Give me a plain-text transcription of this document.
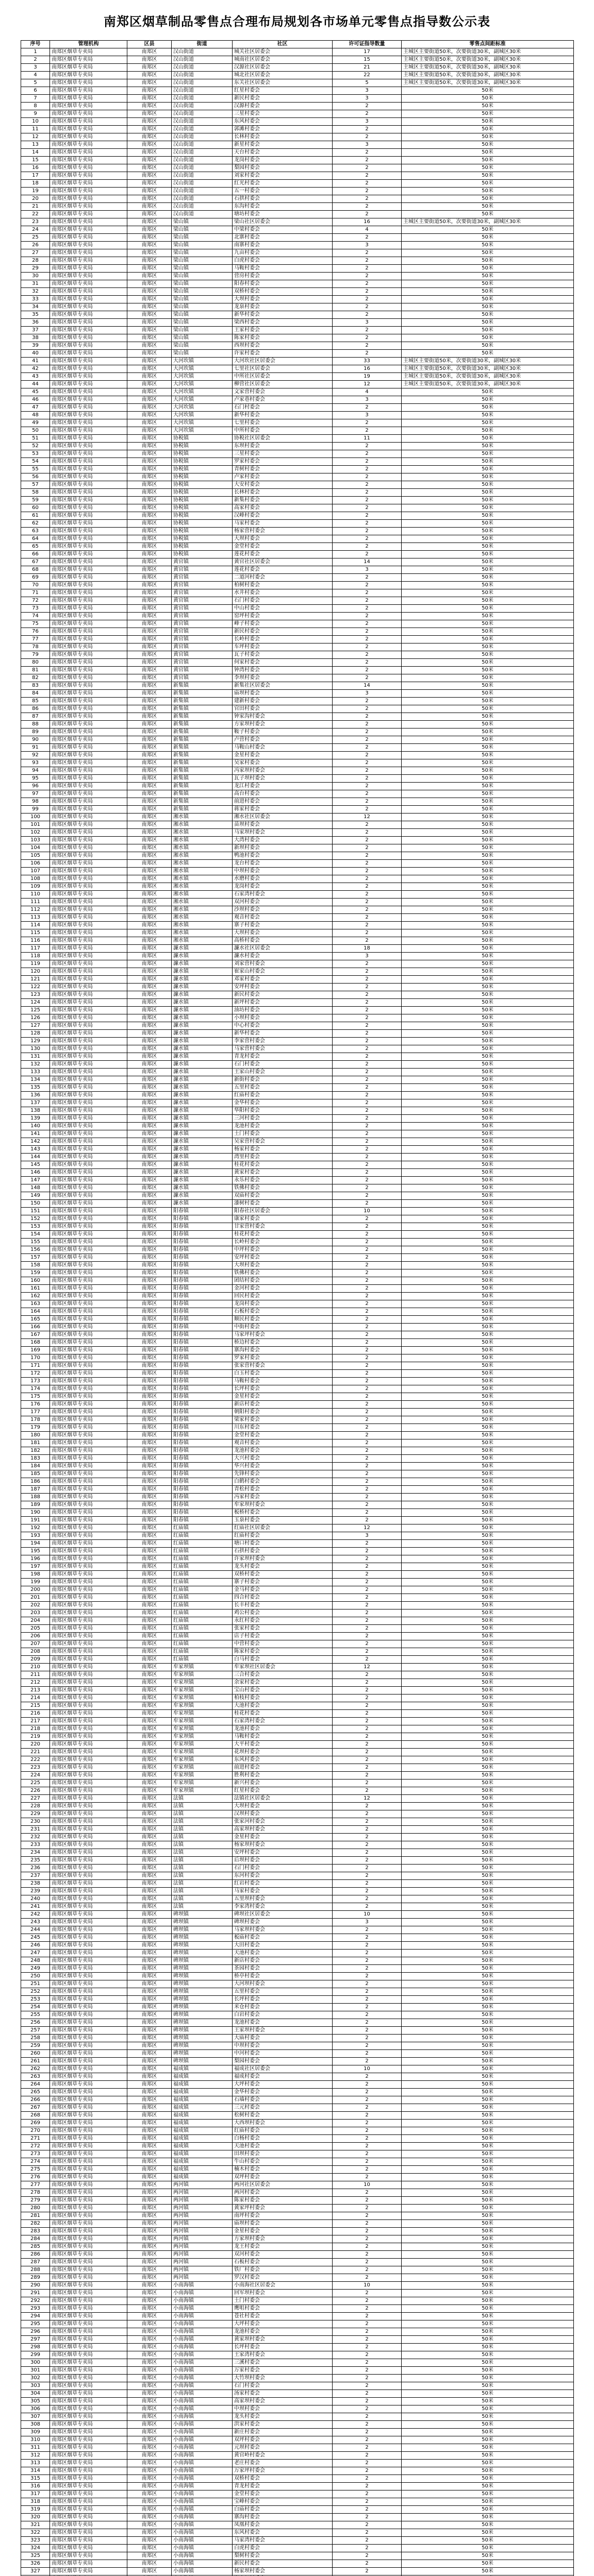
南郑区烟草制品零售点合理布局规划各市场单元零售点指导数公示表
序号	管理机构	区县	街道	社区	许可证指导数量	零售点间距标准
1	南郑区烟草专卖局	南郑区	汉山街道	城关社区居委会	17	主城区主要街道50米，次要街道30米，副城区30米
2	南郑区烟草专卖局	南郑区	汉山街道	城南社区居委会	15	主城区主要街道50米，次要街道30米，副城区30米
3	南郑区烟草专卖局	南郑区	汉山街道	汉源社区居委会	21	主城区主要街道50米，次要街道30米，副城区30米
4	南郑区烟草专卖局	南郑区	汉山街道	城北社区居委会	22	主城区主要街道50米，次要街道30米，副城区30米
5	南郑区烟草专卖局	南郑区	汉山街道	东关社区居委会	5	主城区主要街道50米，次要街道30米，副城区30米
6	南郑区烟草专卖局	南郑区	汉山街道	红星村委会	3	50米
7	南郑区烟草专卖局	南郑区	汉山街道	新民村委会	3	50米
8	南郑区烟草专卖局	南郑区	汉山街道	汉源村委会	2	50米
9	南郑区烟草专卖局	南郑区	汉山街道	三星村委会	2	50米
10	南郑区烟草专卖局	南郑区	汉山街道	东风村委会	3	50米
11	南郑区烟草专卖局	南郑区	汉山街道	郭滩村委会	2	50米
12	南郑区烟草专卖局	南郑区	汉山街道	长林村委会	2	50米
13	南郑区烟草专卖局	南郑区	汉山街道	新星村委会	3	50米
14	南郑区烟草专卖局	南郑区	汉山街道	天台村委会	2	50米
15	南郑区烟草专卖局	南郑区	汉山街道	龙岗村委会	2	50米
16	南郑区烟草专卖局	南郑区	汉山街道	梨园村委会	2	50米
17	南郑区烟草专卖局	南郑区	汉山街道	刘家村委会	2	50米
18	南郑区烟草专卖局	南郑区	汉山街道	红光村委会	2	50米
19	南郑区烟草专卖局	南郑区	汉山街道	五一村委会	2	50米
20	南郑区烟草专卖局	南郑区	汉山街道	石拱村委会	2	50米
21	南郑区烟草专卖局	南郑区	汉山街道	东沟村委会	2	50米
22	南郑区烟草专卖局	南郑区	汉山街道	塘坊村委会	2	50米
23	南郑区烟草专卖局	南郑区	梁山镇	梁山社区居委会	16	主城区主要街道50米，次要街道30米，副城区30米
24	南郑区烟草专卖局	南郑区	梁山镇	中梁村委会	4	50米
25	南郑区烟草专卖局	南郑区	梁山镇	北寨村委会	2	50米
26	南郑区烟草专卖局	南郑区	梁山镇	南寨村委会	3	50米
27	南郑区烟草专卖局	南郑区	梁山镇	九亩村委会	2	50米
28	南郑区烟草专卖局	南郑区	梁山镇	白虎村委会	2	50米
29	南郑区烟草专卖局	南郑区	梁山镇	马鞍村委会	2	50米
30	南郑区烟草专卖局	南郑区	梁山镇	营房村委会	2	50米
31	南郑区烟草专卖局	南郑区	梁山镇	阳春村委会	2	50米
32	南郑区烟草专卖局	南郑区	梁山镇	双桥村委会	2	50米
33	南郑区烟草专卖局	南郑区	梁山镇	大坝村委会	2	50米
34	南郑区烟草专卖局	南郑区	梁山镇	龙泉村委会	2	50米
35	南郑区烟草专卖局	南郑区	梁山镇	新华村委会	2	50米
36	南郑区烟草专卖局	南郑区	梁山镇	梁西村委会	3	50米
37	南郑区烟草专卖局	南郑区	梁山镇	王家村委会	2	50米
38	南郑区烟草专卖局	南郑区	梁山镇	陈家村委会	2	50米
39	南郑区烟草专卖局	南郑区	梁山镇	西坝村委会	2	50米
40	南郑区烟草专卖局	南郑区	梁山镇	许家村委会	2	50米
41	南郑区烟草专卖局	南郑区	大河坎镇	大河坎社区居委会	33	主城区主要街道50米，次要街道30米，副城区30米
42	南郑区烟草专卖局	南郑区	大河坎镇	七里社区居委会	16	主城区主要街道50米，次要街道30米，副城区30米
43	南郑区烟草专卖局	南郑区	大河坎镇	中所社区居委会	19	主城区主要街道50米，次要街道30米，副城区30米
44	南郑区烟草专卖局	南郑区	大河坎镇	柳营社区居委会	12	主城区主要街道50米，次要街道30米，副城区30米
45	南郑区烟草专卖局	南郑区	大河坎镇	文家营村委会	4	50米
46	南郑区烟草专卖局	南郑区	大河坎镇	卢家巷村委会	3	50米
47	南郑区烟草专卖局	南郑区	大河坎镇	石门村委会	2	50米
48	南郑区烟草专卖局	南郑区	大河坎镇	新华村委会	3	50米
49	南郑区烟草专卖局	南郑区	大河坎镇	七里村委会	2	50米
50	南郑区烟草专卖局	南郑区	大河坎镇	中所村委会	2	50米
51	南郑区烟草专卖局	南郑区	协税镇	协税社区居委会	11	50米
52	南郑区烟草专卖局	南郑区	协税镇	东坝村委会	2	50米
53	南郑区烟草专卖局	南郑区	协税镇	三星村委会	2	50米
54	南郑区烟草专卖局	南郑区	协税镇	罗家村委会	2	50米
55	南郑区烟草专卖局	南郑区	协税镇	青树村委会	2	50米
56	南郑区烟草专卖局	南郑区	协税镇	卢家村委会	2	50米
57	南郑区烟草专卖局	南郑区	协税镇	大安村委会	2	50米
58	南郑区烟草专卖局	南郑区	协税镇	长林村委会	2	50米
59	南郑区烟草专卖局	南郑区	协税镇	新集村委会	2	50米
60	南郑区烟草专卖局	南郑区	协税镇	高家村委会	2	50米
61	南郑区烟草专卖局	南郑区	协税镇	汉峰村委会	2	50米
62	南郑区烟草专卖局	南郑区	协税镇	马家村委会	2	50米
63	南郑区烟草专卖局	南郑区	协税镇	杨家营村委会	2	50米
64	南郑区烟草专卖局	南郑区	协税镇	大坝村委会	2	50米
65	南郑区烟草专卖局	南郑区	协税镇	金堂村委会	2	50米
66	南郑区烟草专卖局	南郑区	协税镇	莲花村委会	2	50米
67	南郑区烟草专卖局	南郑区	黄官镇	黄官社区居委会	14	50米
68	南郑区烟草专卖局	南郑区	黄官镇	莲花村委会	3	50米
69	南郑区烟草专卖局	南郑区	黄官镇	二道河村委会	2	50米
70	南郑区烟草专卖局	南郑区	黄官镇	柏树村委会	2	50米
71	南郑区烟草专卖局	南郑区	黄官镇	水井村委会	2	50米
72	南郑区烟草专卖局	南郑区	黄官镇	石门村委会	2	50米
73	南郑区烟草专卖局	南郑区	黄官镇	中山村委会	2	50米
74	南郑区烟草专卖局	南郑区	黄官镇	窑坪村委会	2	50米
75	南郑区烟草专卖局	南郑区	黄官镇	峰子村委会	2	50米
76	南郑区烟草专卖局	南郑区	黄官镇	新民村委会	2	50米
77	南郑区烟草专卖局	南郑区	黄官镇	长岭村委会	2	50米
78	南郑区烟草专卖局	南郑区	黄官镇	车坪村委会	2	50米
79	南郑区烟草专卖局	南郑区	黄官镇	瓦子村委会	2	50米
80	南郑区烟草专卖局	南郑区	黄官镇	何家村委会	2	50米
81	南郑区烟草专卖局	南郑区	黄官镇	钟湾村委会	2	50米
82	南郑区烟草专卖局	南郑区	黄官镇	李坝村委会	2	50米
83	南郑区烟草专卖局	南郑区	新集镇	新集社区居委会	14	50米
84	南郑区烟草专卖局	南郑区	新集镇	庙坝村委会	3	50米
85	南郑区烟草专卖局	南郑区	新集镇	建新村委会	2	50米
86	南郑区烟草专卖局	南郑区	新集镇	官田村委会	2	50米
87	南郑区烟草专卖局	南郑区	新集镇	钟家沟村委会	2	50米
88	南郑区烟草专卖局	南郑区	新集镇	方家坝村委会	2	50米
89	南郑区烟草专卖局	南郑区	新集镇	鞍子村委会	2	50米
90	南郑区烟草专卖局	南郑区	新集镇	卢营村委会	2	50米
91	南郑区烟草专卖局	南郑区	新集镇	马鞍山村委会	2	50米
92	南郑区烟草专卖局	南郑区	新集镇	金星村委会	2	50米
93	南郑区烟草专卖局	南郑区	新集镇	吴家村委会	2	50米
94	南郑区烟草专卖局	南郑区	新集镇	冯家坝村委会	2	50米
95	南郑区烟草专卖局	南郑区	新集镇	瓦子坝村委会	2	50米
96	南郑区烟草专卖局	南郑区	新集镇	龙江村委会	2	50米
97	南郑区烟草专卖局	南郑区	新集镇	高台村委会	2	50米
98	南郑区烟草专卖局	南郑区	新集镇	前进村委会	2	50米
99	南郑区烟草专卖局	南郑区	新集镇	蒋家村委会	2	50米
100	南郑区烟草专卖局	南郑区	湘水镇	湘水社区居委会	12	50米
101	南郑区烟草专卖局	南郑区	湘水镇	苗坝村委会	2	50米
102	南郑区烟草专卖局	南郑区	湘水镇	马家坝村委会	2	50米
103	南郑区烟草专卖局	南郑区	湘水镇	大湾村委会	2	50米
104	南郑区烟草专卖局	南郑区	湘水镇	新坝村委会	2	50米
105	南郑区烟草专卖局	南郑区	湘水镇	鸭池村委会	2	50米
106	南郑区烟草专卖局	南郑区	湘水镇	龙台村委会	2	50米
107	南郑区烟草专卖局	南郑区	湘水镇	中坝村委会	2	50米
108	南郑区烟草专卖局	南郑区	湘水镇	水磨村委会	2	50米
109	南郑区烟草专卖局	南郑区	湘水镇	龙岗村委会	2	50米
110	南郑区烟草专卖局	南郑区	湘水镇	石家湾村委会	2	50米
111	南郑区烟草专卖局	南郑区	湘水镇	双河村委会	2	50米
112	南郑区烟草专卖局	南郑区	湘水镇	沙坝村委会	2	50米
113	南郑区烟草专卖局	南郑区	湘水镇	观音村委会	2	50米
114	南郑区烟草专卖局	南郑区	湘水镇	寨子村委会	2	50米
115	南郑区烟草专卖局	南郑区	湘水镇	大坝村委会	2	50米
116	南郑区烟草专卖局	南郑区	湘水镇	高桥村委会	2	50米
117	南郑区烟草专卖局	南郑区	濂水镇	濂水社区居委会	18	50米
118	南郑区烟草专卖局	南郑区	濂水镇	濂水村委会	3	50米
119	南郑区烟草专卖局	南郑区	濂水镇	刘家营村委会	2	50米
120	南郑区烟草专卖局	南郑区	濂水镇	崔家山村委会	2	50米
121	南郑区烟草专卖局	南郑区	濂水镇	邓家村委会	2	50米
122	南郑区烟草专卖局	南郑区	濂水镇	安坪村委会	2	50米
123	南郑区烟草专卖局	南郑区	濂水镇	新民村委会	2	50米
124	南郑区烟草专卖局	南郑区	濂水镇	新坪村委会	2	50米
125	南郑区烟草专卖局	南郑区	濂水镇	油坊村委会	2	50米
126	南郑区烟草专卖局	南郑区	濂水镇	小坝村委会	2	50米
127	南郑区烟草专卖局	南郑区	濂水镇	中心村委会	2	50米
128	南郑区烟草专卖局	南郑区	濂水镇	新华村委会	2	50米
129	南郑区烟草专卖局	南郑区	濂水镇	李家营村委会	2	50米
130	南郑区烟草专卖局	南郑区	濂水镇	马家营村委会	2	50米
131	南郑区烟草专卖局	南郑区	濂水镇	青龙村委会	2	50米
132	南郑区烟草专卖局	南郑区	濂水镇	石门村委会	2	50米
133	南郑区烟草专卖局	南郑区	濂水镇	王家山村委会	2	50米
134	南郑区烟草专卖局	南郑区	濂水镇	新街村委会	2	50米
135	南郑区烟草专卖局	南郑区	濂水镇	五里村委会	2	50米
136	南郑区烟草专卖局	南郑区	濂水镇	红庙村委会	2	50米
137	南郑区烟草专卖局	南郑区	濂水镇	金华村委会	2	50米
138	南郑区烟草专卖局	南郑区	濂水镇	华阳村委会	2	50米
139	南郑区烟草专卖局	南郑区	濂水镇	三河村委会	2	50米
140	南郑区烟草专卖局	南郑区	濂水镇	龙池村委会	2	50米
141	南郑区烟草专卖局	南郑区	濂水镇	土门村委会	2	50米
142	南郑区烟草专卖局	南郑区	濂水镇	吴家营村委会	2	50米
143	南郑区烟草专卖局	南郑区	濂水镇	杨家村委会	2	50米
144	南郑区烟草专卖局	南郑区	濂水镇	湾里村委会	2	50米
145	南郑区烟草专卖局	南郑区	濂水镇	桂花村委会	2	50米
146	南郑区烟草专卖局	南郑区	濂水镇	黄家村委会	2	50米
147	南郑区烟草专卖局	南郑区	濂水镇	永乐村委会	2	50米
148	南郑区烟草专卖局	南郑区	濂水镇	铁佛村委会	2	50米
149	南郑区烟草专卖局	南郑区	濂水镇	双庙村委会	2	50米
150	南郑区烟草专卖局	南郑区	濂水镇	漆树村委会	2	50米
151	南郑区烟草专卖局	南郑区	阳春镇	阳春社区居委会	10	50米
152	南郑区烟草专卖局	南郑区	阳春镇	康家村委会	2	50米
153	南郑区烟草专卖局	南郑区	阳春镇	甘家营村委会	2	50米
154	南郑区烟草专卖局	南郑区	阳春镇	桂花村委会	2	50米
155	南郑区烟草专卖局	南郑区	阳春镇	长岭村委会	2	50米
156	南郑区烟草专卖局	南郑区	阳春镇	中坪村委会	2	50米
157	南郑区烟草专卖局	南郑区	阳春镇	安坪村委会	2	50米
158	南郑区烟草专卖局	南郑区	阳春镇	大坝村委会	2	50米
159	南郑区烟草专卖局	南郑区	阳春镇	铁佛村委会	2	50米
160	南郑区烟草专卖局	南郑区	阳春镇	团结村委会	2	50米
161	南郑区烟草专卖局	南郑区	阳春镇	金河村委会	2	50米
162	南郑区烟草专卖局	南郑区	阳春镇	回民村委会	2	50米
163	南郑区烟草专卖局	南郑区	阳春镇	龙岗村委会	2	50米
164	南郑区烟草专卖局	南郑区	阳春镇	石板村委会	2	50米
165	南郑区烟草专卖局	南郑区	阳春镇	顺民村委会	2	50米
166	南郑区烟草专卖局	南郑区	阳春镇	中街村委会	2	50米
167	南郑区烟草专卖局	南郑区	阳春镇	马家坪村委会	2	50米
168	南郑区烟草专卖局	南郑区	阳春镇	桥边村委会	2	50米
169	南郑区烟草专卖局	南郑区	阳春镇	寨沟村委会	2	50米
170	南郑区烟草专卖局	南郑区	阳春镇	罗家村委会	2	50米
171	南郑区烟草专卖局	南郑区	阳春镇	张家营村委会	2	50米
172	南郑区烟草专卖局	南郑区	阳春镇	白玉村委会	2	50米
173	南郑区烟草专卖局	南郑区	阳春镇	马鞍村委会	2	50米
174	南郑区烟草专卖局	南郑区	阳春镇	长坪村委会	2	50米
175	南郑区烟草专卖局	南郑区	阳春镇	金星村委会	2	50米
176	南郑区烟草专卖局	南郑区	阳春镇	新店村委会	2	50米
177	南郑区烟草专卖局	南郑区	阳春镇	朝阳村委会	2	50米
178	南郑区烟草专卖局	南郑区	阳春镇	梁家村委会	2	50米
179	南郑区烟草专卖局	南郑区	阳春镇	川东村委会	2	50米
180	南郑区烟草专卖局	南郑区	阳春镇	金堂村委会	2	50米
181	南郑区烟草专卖局	南郑区	阳春镇	观音村委会	2	50米
182	南郑区烟草专卖局	南郑区	阳春镇	龙池村委会	2	50米
183	南郑区烟草专卖局	南郑区	阳春镇	大兴村委会	2	50米
184	南郑区烟草专卖局	南郑区	阳春镇	华兴村委会	2	50米
185	南郑区烟草专卖局	南郑区	阳春镇	先锋村委会	2	50米
186	南郑区烟草专卖局	南郑区	阳春镇	白鹤村委会	2	50米
187	南郑区烟草专卖局	南郑区	阳春镇	青松村委会	2	50米
188	南郑区烟草专卖局	南郑区	阳春镇	冯家村委会	2	50米
189	南郑区烟草专卖局	南郑区	阳春镇	牟家坝村委会	2	50米
190	南郑区烟草专卖局	南郑区	阳春镇	板桥村委会	2	50米
191	南郑区烟草专卖局	南郑区	阳春镇	玉泉村委会	2	50米
192	南郑区烟草专卖局	南郑区	红庙镇	红庙社区居委会	12	50米
193	南郑区烟草专卖局	南郑区	红庙镇	红庙村委会	3	50米
194	南郑区烟草专卖局	南郑区	红庙镇	塘口村委会	2	50米
195	南郑区烟草专卖局	南郑区	红庙镇	石拱村委会	2	50米
196	南郑区烟草专卖局	南郑区	红庙镇	许家坝村委会	2	50米
197	南郑区烟草专卖局	南郑区	红庙镇	龙头村委会	2	50米
198	南郑区烟草专卖局	南郑区	红庙镇	双桥村委会	2	50米
199	南郑区烟草专卖局	南郑区	红庙镇	寨子村委会	2	50米
200	南郑区烟草专卖局	南郑区	红庙镇	金马村委会	2	50米
201	南郑区烟草专卖局	南郑区	红庙镇	四合村委会	2	50米
202	南郑区烟草专卖局	南郑区	红庙镇	长丰村委会	2	50米
203	南郑区烟草专卖局	南郑区	红庙镇	鸡公村委会	2	50米
204	南郑区烟草专卖局	南郑区	红庙镇	永红村委会	2	50米
205	南郑区烟草专卖局	南郑区	红庙镇	张家村委会	2	50米
206	南郑区烟草专卖局	南郑区	红庙镇	店子村委会	2	50米
207	南郑区烟草专卖局	南郑区	红庙镇	中营村委会	2	50米
208	南郑区烟草专卖局	南郑区	红庙镇	陈家村委会	2	50米
209	南郑区烟草专卖局	南郑区	红庙镇	白马村委会	2	50米
210	南郑区烟草专卖局	南郑区	牟家坝镇	牟家坝社区居委会	12	50米
211	南郑区烟草专卖局	南郑区	牟家坝镇	三合村委会	2	50米
212	南郑区烟草专卖局	南郑区	牟家坝镇	余家村委会	2	50米
213	南郑区烟草专卖局	南郑区	牟家坝镇	宝山村委会	2	50米
214	南郑区烟草专卖局	南郑区	牟家坝镇	柏枝村委会	2	50米
215	南郑区烟草专卖局	南郑区	牟家坝镇	大池村委会	2	50米
216	南郑区烟草专卖局	南郑区	牟家坝镇	桂花村委会	2	50米
217	南郑区烟草专卖局	南郑区	牟家坝镇	石家湾村委会	2	50米
218	南郑区烟草专卖局	南郑区	牟家坝镇	龙池村委会	2	50米
219	南郑区烟草专卖局	南郑区	牟家坝镇	马鞍村委会	2	50米
220	南郑区烟草专卖局	南郑区	牟家坝镇	大平村委会	2	50米
221	南郑区烟草专卖局	南郑区	牟家坝镇	花坝村委会	2	50米
222	南郑区烟草专卖局	南郑区	牟家坝镇	东风村委会	2	50米
223	南郑区烟草专卖局	南郑区	牟家坝镇	前进村委会	2	50米
224	南郑区烟草专卖局	南郑区	牟家坝镇	胜利村委会	2	50米
225	南郑区烟草专卖局	南郑区	牟家坝镇	新兴村委会	2	50米
226	南郑区烟草专卖局	南郑区	牟家坝镇	红星村委会	2	50米
227	南郑区烟草专卖局	南郑区	法镇	法镇社区居委会	12	50米
228	南郑区烟草专卖局	南郑区	法镇	大坝村委会	2	50米
229	南郑区烟草专卖局	南郑区	法镇	汉坝村委会	2	50米
230	南郑区烟草专卖局	南郑区	法镇	张家河村委会	2	50米
231	南郑区烟草专卖局	南郑区	法镇	高家坝村委会	2	50米
232	南郑区烟草专卖局	南郑区	法镇	金星村委会	2	50米
233	南郑区烟草专卖局	南郑区	法镇	杨家坝村委会	2	50米
234	南郑区烟草专卖局	南郑区	法镇	安坪村委会	2	50米
235	南郑区烟草专卖局	南郑区	法镇	后坝村委会	2	50米
236	南郑区烟草专卖局	南郑区	法镇	石门村委会	2	50米
237	南郑区烟草专卖局	南郑区	法镇	东河村委会	2	50米
238	南郑区烟草专卖局	南郑区	法镇	红岩村委会	2	50米
239	南郑区烟草专卖局	南郑区	法镇	马家村委会	2	50米
240	南郑区烟草专卖局	南郑区	法镇	五里坝村委会	2	50米
241	南郑区烟草专卖局	南郑区	法镇	李家湾村委会	2	50米
242	南郑区烟草专卖局	南郑区	碑坝镇	碑坝社区居委会	10	50米
243	南郑区烟草专卖局	南郑区	碑坝镇	碑坝村委会	3	50米
244	南郑区烟草专卖局	南郑区	碑坝镇	马家坝村委会	2	50米
245	南郑区烟草专卖局	南郑区	碑坝镇	板庙村委会	2	50米
246	南郑区烟草专卖局	南郑区	碑坝镇	大田村委会	2	50米
247	南郑区烟草专卖局	南郑区	碑坝镇	天池村委会	2	50米
248	南郑区烟草专卖局	南郑区	碑坝镇	新店村委会	2	50米
249	南郑区烟草专卖局	南郑区	碑坝镇	茶园村委会	2	50米
250	南郑区烟草专卖局	南郑区	碑坝镇	桥亭村委会	2	50米
251	南郑区烟草专卖局	南郑区	碑坝镇	大河坝村委会	2	50米
252	南郑区烟草专卖局	南郑区	碑坝镇	五里村委会	2	50米
253	南郑区烟草专卖局	南郑区	碑坝镇	长坪村委会	2	50米
254	南郑区烟草专卖局	南郑区	碑坝镇	米仓村委会	2	50米
255	南郑区烟草专卖局	南郑区	碑坝镇	白岩村委会	2	50米
256	南郑区烟草专卖局	南郑区	碑坝镇	龙池村委会	2	50米
257	南郑区烟草专卖局	南郑区	碑坝镇	王家坝村委会	2	50米
258	南郑区烟草专卖局	南郑区	碑坝镇	大庙村委会	2	50米
259	南郑区烟草专卖局	南郑区	碑坝镇	中坝村委会	2	50米
260	南郑区烟草专卖局	南郑区	碑坝镇	中河村委会	2	50米
261	南郑区烟草专卖局	南郑区	碑坝镇	梨园村委会	2	50米
262	南郑区烟草专卖局	南郑区	福成镇	福成社区居委会	10	50米
263	南郑区烟草专卖局	南郑区	福成镇	福成村委会	2	50米
264	南郑区烟草专卖局	南郑区	福成镇	大坪村委会	2	50米
265	南郑区烟草专卖局	南郑区	福成镇	金华村委会	2	50米
266	南郑区烟草专卖局	南郑区	福成镇	石墙村委会	2	50米
267	南郑区烟草专卖局	南郑区	福成镇	三元村委会	2	50米
268	南郑区烟草专卖局	南郑区	福成镇	松树村委会	2	50米
269	南郑区烟草专卖局	南郑区	福成镇	大西坝村委会	2	50米
270	南郑区烟草专卖局	南郑区	福成镇	红庙村委会	2	50米
271	南郑区烟草专卖局	南郑区	福成镇	白杨村委会	2	50米
272	南郑区烟草专卖局	南郑区	福成镇	天池村委会	2	50米
273	南郑区烟草专卖局	南郑区	福成镇	田坝村委会	2	50米
274	南郑区烟草专卖局	南郑区	福成镇	牛山村委会	2	50米
275	南郑区烟草专卖局	南郑区	福成镇	楠木村委会	2	50米
276	南郑区烟草专卖局	南郑区	福成镇	双坪村委会	2	50米
277	南郑区烟草专卖局	南郑区	两河镇	两河社区居委会	10	50米
278	南郑区烟草专卖局	南郑区	两河镇	两河村委会	2	50米
279	南郑区烟草专卖局	南郑区	两河镇	陈家村委会	2	50米
280	南郑区烟草专卖局	南郑区	两河镇	黄家坪村委会	2	50米
281	南郑区烟草专卖局	南郑区	两河镇	南坪村委会	2	50米
282	南郑区烟草专卖局	南郑区	两河镇	庙坝村委会	2	50米
283	南郑区烟草专卖局	南郑区	两河镇	金星村委会	2	50米
284	南郑区烟草专卖局	南郑区	两河镇	方家坝村委会	2	50米
285	南郑区烟草专卖局	南郑区	两河镇	龙王村委会	2	50米
286	南郑区烟草专卖局	南郑区	两河镇	双河村委会	2	50米
287	南郑区烟草专卖局	南郑区	两河镇	石板村委会	2	50米
288	南郑区烟草专卖局	南郑区	两河镇	铁厂村委会	2	50米
289	南郑区烟草专卖局	南郑区	两河镇	罗汉村委会	2	50米
290	南郑区烟草专卖局	南郑区	小南海镇	小南海社区居委会	10	50米
291	南郑区烟草专卖局	南郑区	小南海镇	回军坝村委会	2	50米
292	南郑区烟草专卖局	南郑区	小南海镇	土门村委会	2	50米
293	南郑区烟草专卖局	南郑区	小南海镇	鹰咀村委会	2	50米
294	南郑区烟草专卖局	南郑区	小南海镇	苍社村委会	2	50米
295	南郑区烟草专卖局	南郑区	小南海镇	大坪村委会	2	50米
296	南郑区烟草专卖局	南郑区	小南海镇	龙池村委会	2	50米
297	南郑区烟草专卖局	南郑区	小南海镇	黄家坝村委会	2	50米
298	南郑区烟草专卖局	南郑区	小南海镇	长坪村委会	2	50米
299	南郑区烟草专卖局	南郑区	小南海镇	王家湾村委会	2	50米
300	南郑区烟草专卖局	南郑区	小南海镇	三溪村委会	2	50米
301	南郑区烟草专卖局	南郑区	小南海镇	万家村委会	2	50米
302	南郑区烟草专卖局	南郑区	小南海镇	大竹坝村委会	2	50米
303	南郑区烟草专卖局	南郑区	小南海镇	石门村委会	2	50米
304	南郑区烟草专卖局	南郑区	小南海镇	汤家村委会	2	50米
305	南郑区烟草专卖局	南郑区	小南海镇	高家坝村委会	2	50米
306	南郑区烟草专卖局	南郑区	小南海镇	中坝村委会	2	50米
307	南郑区烟草专卖局	南郑区	小南海镇	龙头村委会	2	50米
308	南郑区烟草专卖局	南郑区	小南海镇	洪家村委会	2	50米
309	南郑区烟草专卖局	南郑区	小南海镇	新庄村委会	2	50米
310	南郑区烟草专卖局	南郑区	小南海镇	双坪村委会	2	50米
311	南郑区烟草专卖局	南郑区	小南海镇	元坝村委会	2	50米
312	南郑区烟草专卖局	南郑区	小南海镇	黄官岭村委会	2	50米
313	南郑区烟草专卖局	南郑区	小南海镇	老庄村委会	2	50米
314	南郑区烟草专卖局	南郑区	小南海镇	万家坪村委会	2	50米
315	南郑区烟草专卖局	南郑区	小南海镇	双桥村委会	2	50米
316	南郑区烟草专卖局	南郑区	小南海镇	青龙村委会	2	50米
317	南郑区烟草专卖局	南郑区	小南海镇	金堂村委会	2	50米
318	南郑区烟草专卖局	南郑区	小南海镇	宝峰村委会	2	50米
319	南郑区烟草专卖局	南郑区	小南海镇	白庙村委会	2	50米
320	南郑区烟草专卖局	南郑区	小南海镇	寨沟村委会	2	50米
321	南郑区烟草专卖局	南郑区	小南海镇	凤凰村委会	2	50米
322	南郑区烟草专卖局	南郑区	小南海镇	东风村委会	2	50米
323	南郑区烟草专卖局	南郑区	小南海镇	马家湾村委会	2	50米
324	南郑区烟草专卖局	南郑区	小南海镇	白虎村委会	2	50米
325	南郑区烟草专卖局	南郑区	小南海镇	梨树村委会	2	50米
326	南郑区烟草专卖局	南郑区	小南海镇	新民村委会	2	50米
327	南郑区烟草专卖局	南郑区	小南海镇	杨家坝村委会	2	50米
